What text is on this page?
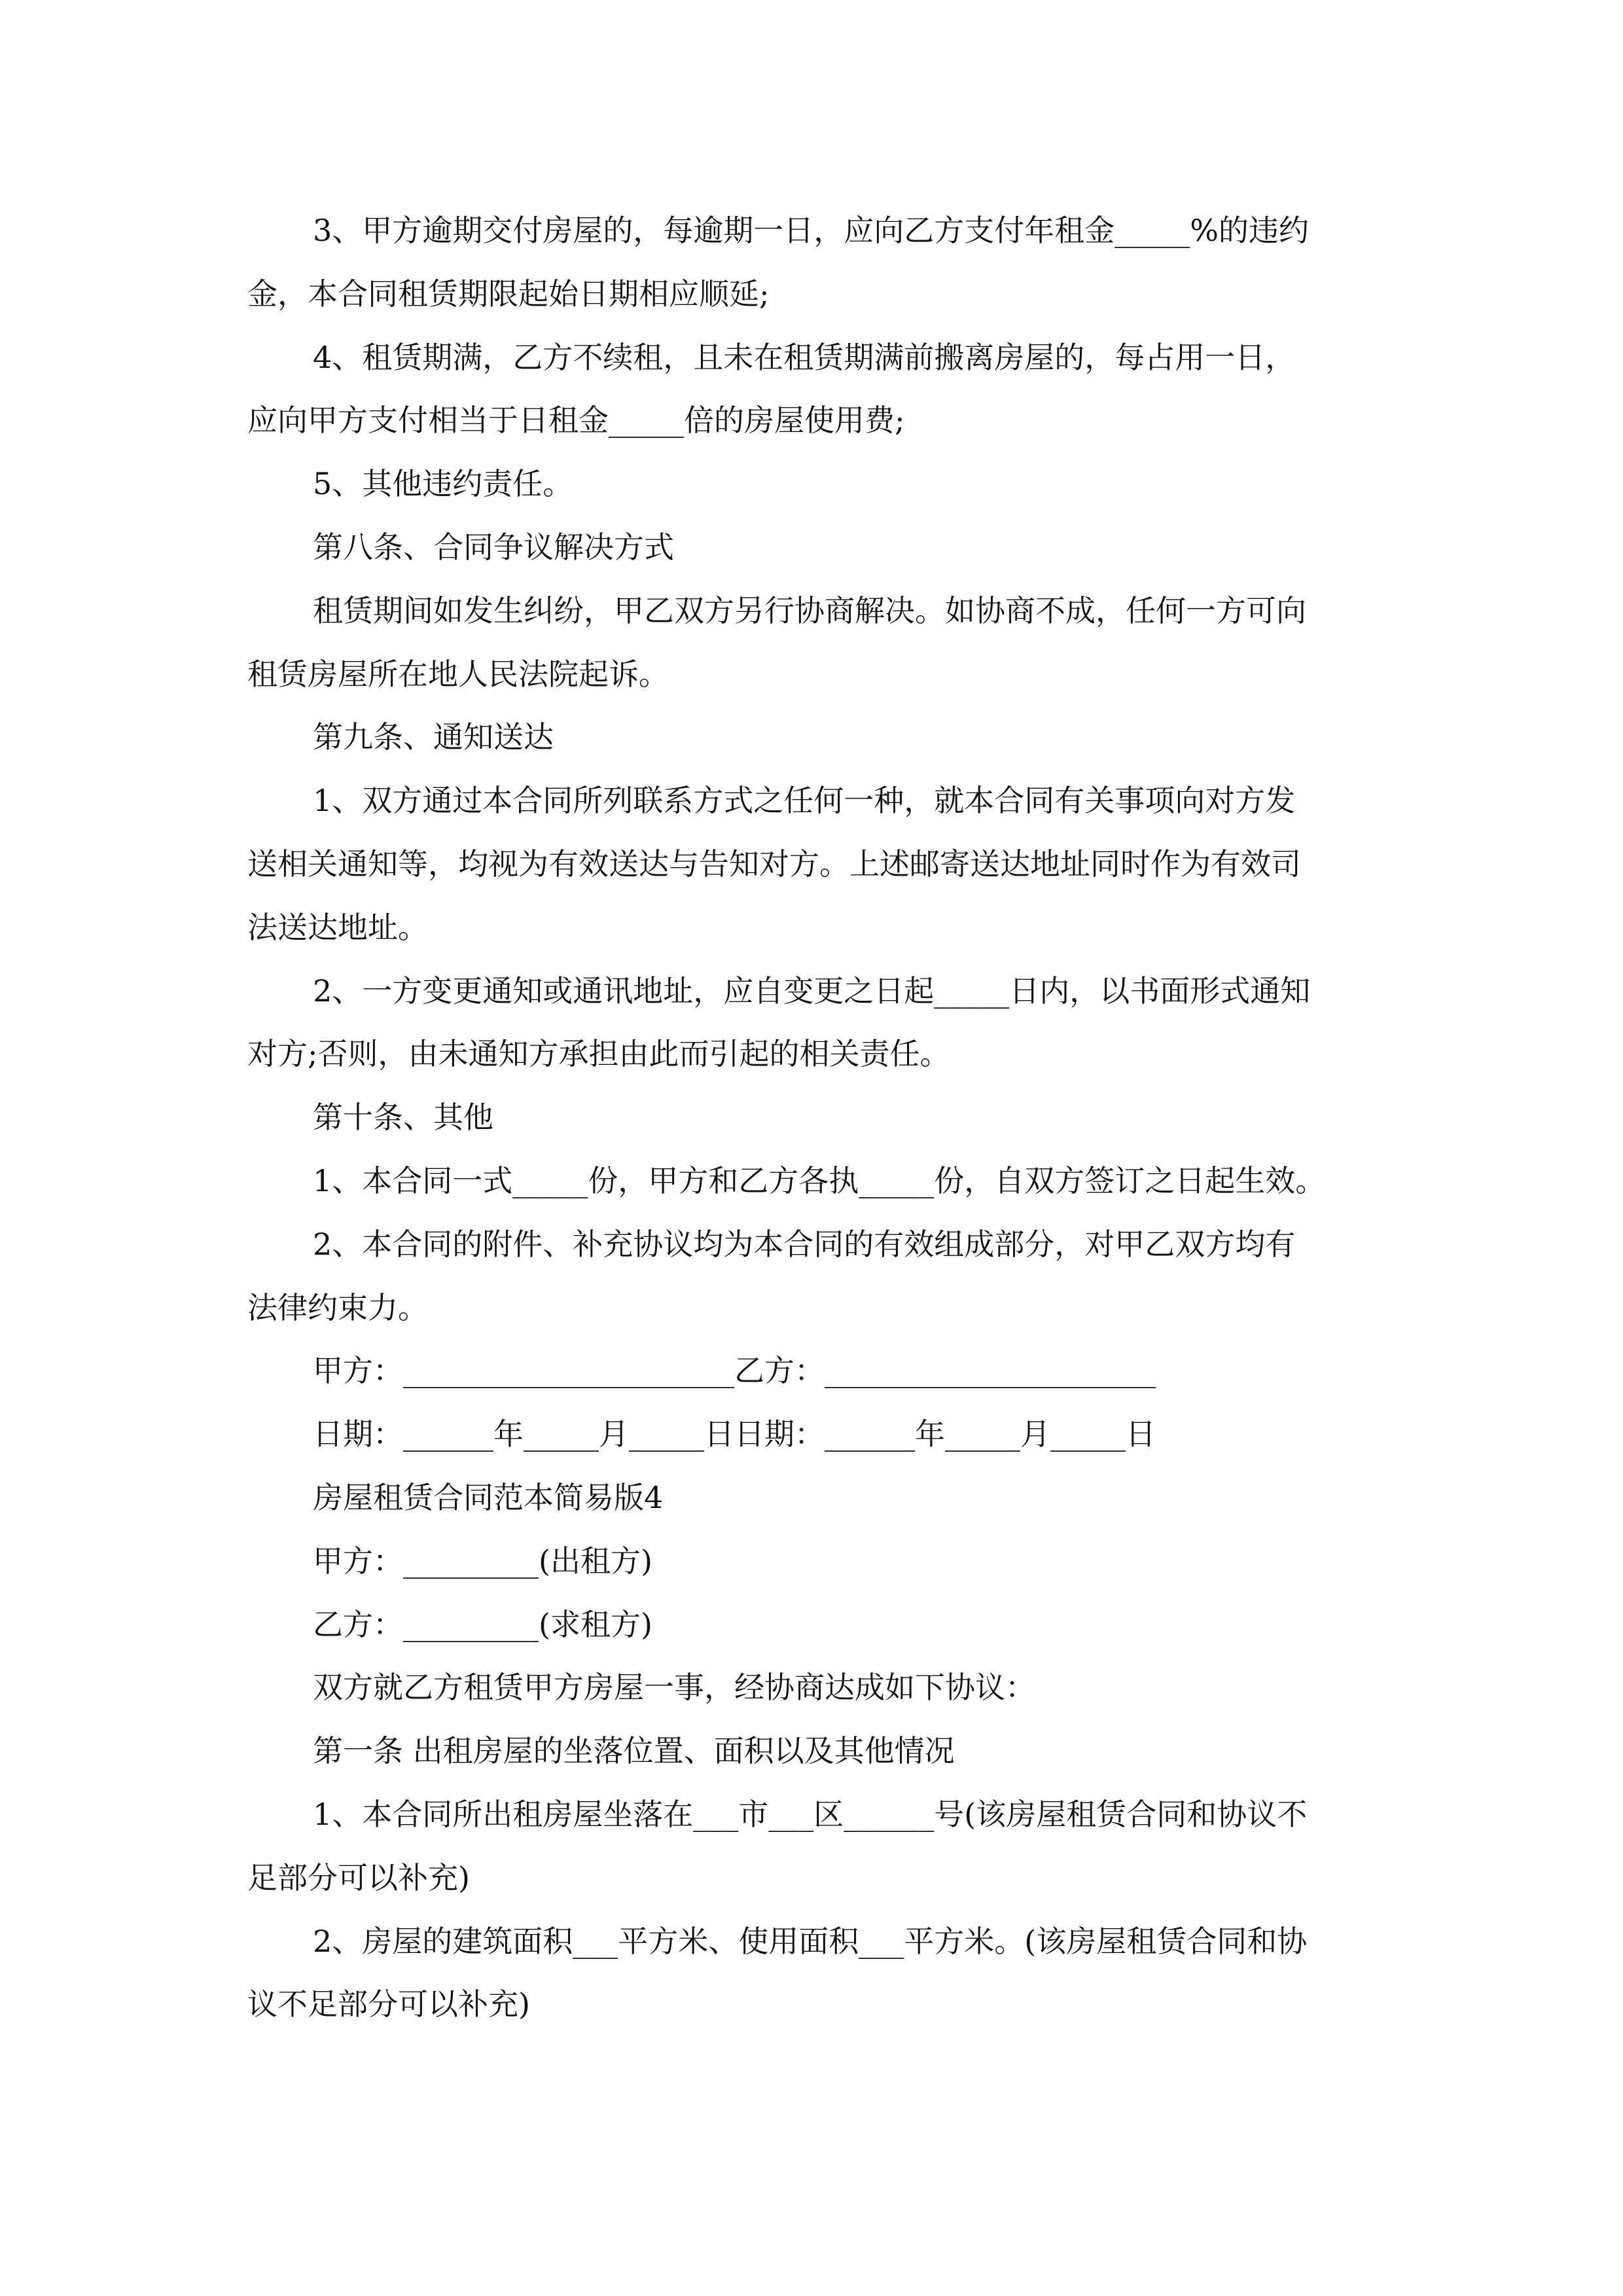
3、甲方逾期交付房屋的，每逾期一日，应向乙方支付年租金_____%的违约
金，本合同租赁期限起始日期相应顺延;
4、租赁期满，乙方不续租，且未在租赁期满前搬离房屋的，每占用一日，
应向甲方支付相当于日租金_____倍的房屋使用费;
5、其他违约责任。
第八条、合同争议解决方式
租赁期间如发生纠纷，甲乙双方另行协商解决。如协商不成，任何一方可向
租赁房屋所在地人民法院起诉。
第九条、通知送达
1、双方通过本合同所列联系方式之任何一种，就本合同有关事项向对方发
送相关通知等，均视为有效送达与告知对方。上述邮寄送达地址同时作为有效司
法送达地址。
2、一方变更通知或通讯地址，应自变更之日起_____日内，以书面形式通知
对方;否则，由未通知方承担由此而引起的相关责任。
第十条、其他
1、本合同一式_____份，甲方和乙方各执_____份，自双方签订之日起生效。
2、本合同的附件、补充协议均为本合同的有效组成部分，对甲乙双方均有
法律约束力。
甲方：______________________乙方：______________________
日期：______年_____月_____日日期：______年_____月_____日
房屋租赁合同范本简易版4
甲方：_________(出租方)
乙方：_________(求租方)
双方就乙方租赁甲方房屋一事，经协商达成如下协议：
第一条 出租房屋的坐落位置、面积以及其他情况
1、本合同所出租房屋坐落在___市___区______号(该房屋租赁合同和协议不
足部分可以补充)
2、房屋的建筑面积___平方米、使用面积___平方米。(该房屋租赁合同和协
议不足部分可以补充)
